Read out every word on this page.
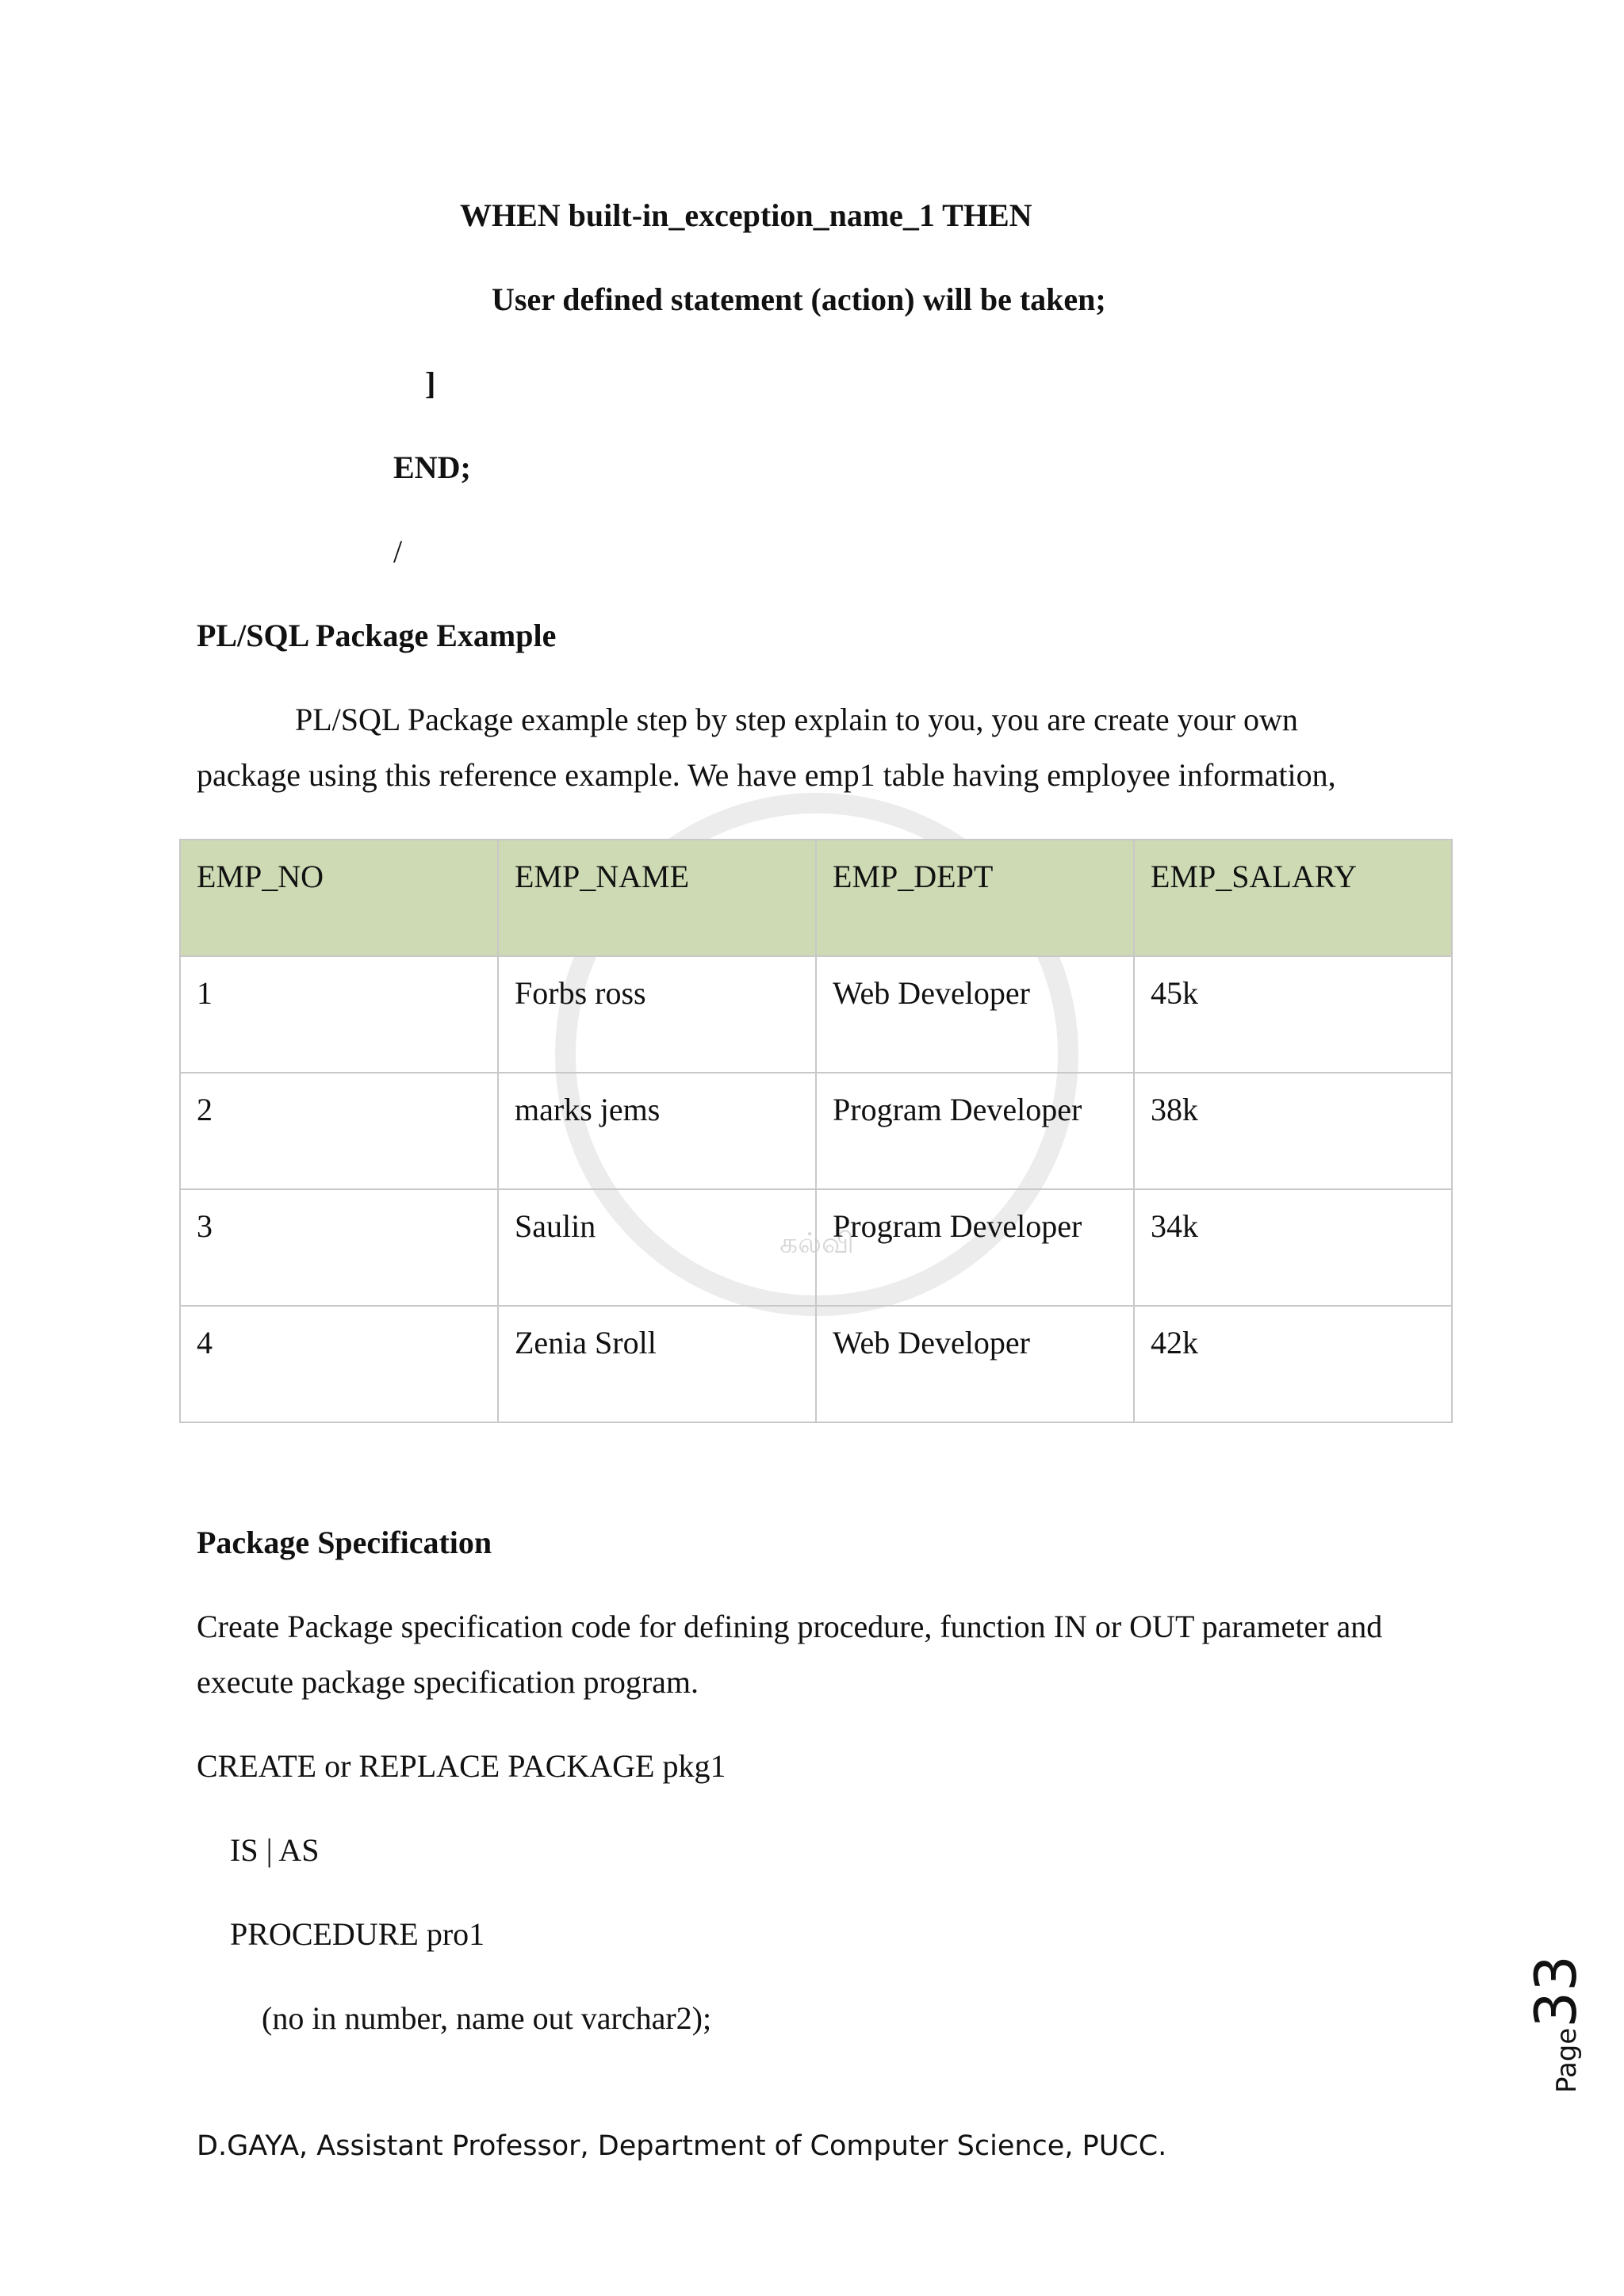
WHEN built-in_exception_name_1 THEN
User defined statement (action) will be taken;
]
END;
/
PL/SQL Package Example
PL/SQL Package example step by step explain to you, you are create your own
package using this reference example. We have emp1 table having employee information,
கல்வி
EMP_NO	EMP_NAME	EMP_DEPT	EMP_SALARY
1	Forbs ross	Web Developer	45k
2	marks jems	Program Developer	38k
3	Saulin	Program Developer	34k
4	Zenia Sroll	Web Developer	42k
Package Specification
Create Package specification code for defining procedure, function IN or OUT parameter and
execute package specification program.
CREATE or REPLACE PACKAGE pkg1
IS | AS
PROCEDURE pro1
(no in number, name out varchar2);
Page33
D.GAYA, Assistant Professor, Department of Computer Science, PUCC.
